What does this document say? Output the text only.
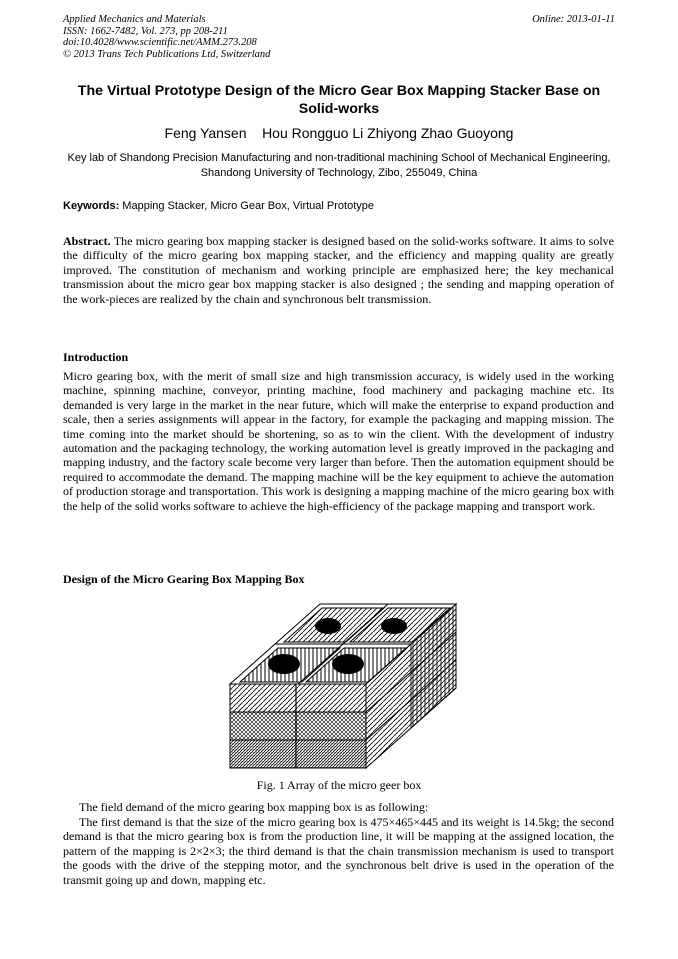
Applied Mechanics and Materials
ISSN: 1662-7482, Vol. 273, pp 208-211
doi:10.4028/www.scientific.net/AMM.273.208
© 2013 Trans Tech Publications Ltd, Switzerland
Online: 2013-01-11
The Virtual Prototype Design of the Micro Gear Box Mapping Stacker Base on Solid-works
Feng Yansen    Hou Rongguo Li Zhiyong Zhao Guoyong
Key lab of Shandong Precision Manufacturing and non-traditional machining School of Mechanical Engineering, Shandong University of Technology, Zibo, 255049, China
Keywords: Mapping Stacker, Micro Gear Box, Virtual Prototype
Abstract. The micro gearing box mapping stacker is designed based on the solid-works software. It aims to solve the difficulty of the micro gearing box mapping stacker, and the efficiency and mapping quality are greatly improved. The constitution of mechanism and working principle are emphasized here; the key mechanical transmission about the micro gear box mapping stacker is also designed ; the sending and mapping operation of the work-pieces are realized by the chain and synchronous belt transmission.
Introduction
Micro gearing box, with the merit of small size and high transmission accuracy, is widely used in the working machine, spinning machine, conveyor, printing machine, food machinery and packaging machine etc. Its demanded is very large in the market in the near future, which will make the enterprise to expand production and scale, then a series assignments will appear in the factory, for example the packaging and mapping mission. The time coming into the market should be shortening, so as to win the client. With the development of industry automation and the packaging technology, the working automation level is greatly improved in the packaging and mapping industry, and the factory scale become very larger than before. Then the automation equipment should be required to accommodate the demand. The mapping machine will be the key equipment to achieve the automation of production storage and transportation. This work is designing a mapping machine of the micro gearing box with the help of the solid works software to achieve the high-efficiency of the package mapping and transport work.
Design of the Micro Gearing Box Mapping Box
Fig. 1 Array of the micro geer box
The field demand of the micro gearing box mapping box is as following:
The first demand is that the size of the micro gearing box is 475×465×445 and its weight is 14.5kg; the second demand is that the micro gearing box is from the production line, it will be mapping at the assigned location, the pattern of the mapping is 2×2×3; the third demand is that the chain transmission mechanism is used to transport the goods with the drive of the stepping motor, and the synchronous belt drive is used in the operation of the transmit going up and down, mapping etc.
